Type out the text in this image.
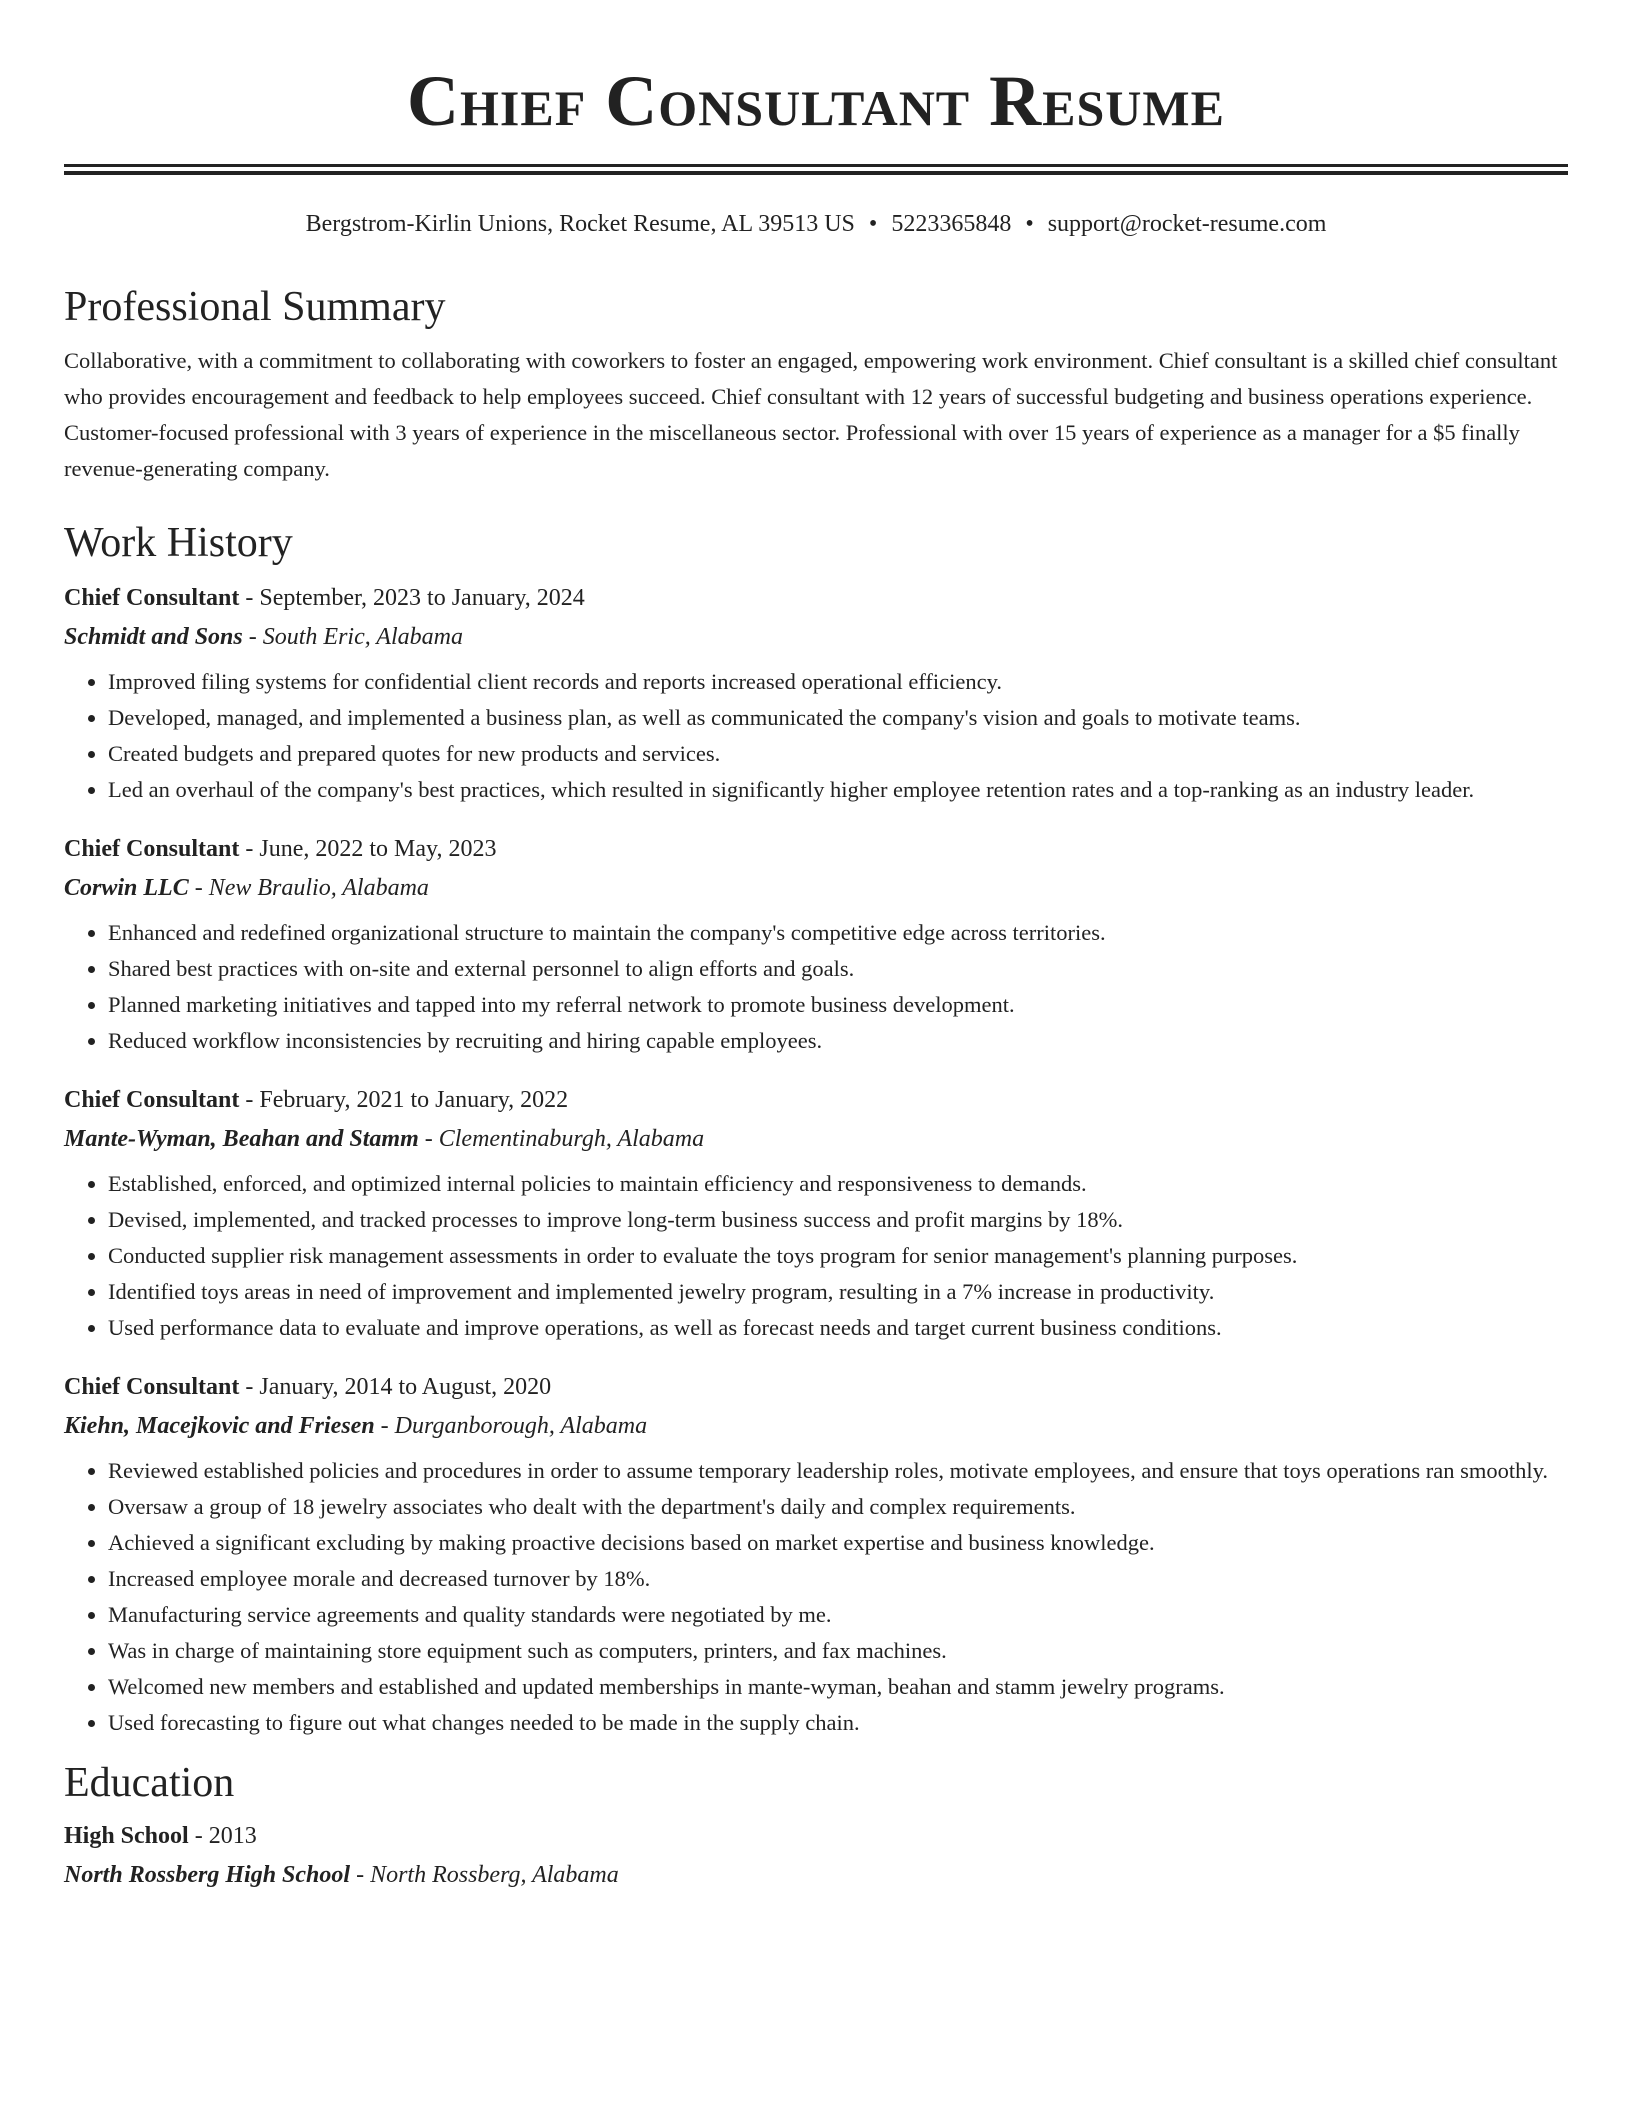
Chief Consultant Resume
Bergstrom-Kirlin Unions, Rocket Resume, AL 39513 US • 5223365848 • support@rocket-resume.com
Professional Summary

Collaborative, with a commitment to collaborating with coworkers to foster an engaged, empowering work environment. Chief consultant is a skilled chief consultant who provides encouragement and feedback to help employees succeed. Chief consultant with 12 years of successful budgeting and business operations experience. Customer-focused professional with 3 years of experience in the miscellaneous sector. Professional with over 15 years of experience as a manager for a $5 finally revenue-generating company.

Work History
Chief Consultant - September, 2023 to January, 2024
Schmidt and Sons - South Eric, Alabama
• Improved filing systems for confidential client records and reports increased operational efficiency.
• Developed, managed, and implemented a business plan, as well as communicated the company's vision and goals to motivate teams.
• Created budgets and prepared quotes for new products and services.
• Led an overhaul of the company's best practices, which resulted in significantly higher employee retention rates and a top-ranking as an industry leader.
Chief Consultant - June, 2022 to May, 2023
Corwin LLC - New Braulio, Alabama
• Enhanced and redefined organizational structure to maintain the company's competitive edge across territories.
• Shared best practices with on-site and external personnel to align efforts and goals.
• Planned marketing initiatives and tapped into my referral network to promote business development.
• Reduced workflow inconsistencies by recruiting and hiring capable employees.
Chief Consultant - February, 2021 to January, 2022
Mante-Wyman, Beahan and Stamm - Clementinaburgh, Alabama
• Established, enforced, and optimized internal policies to maintain efficiency and responsiveness to demands.
• Devised, implemented, and tracked processes to improve long-term business success and profit margins by 18%.
• Conducted supplier risk management assessments in order to evaluate the toys program for senior management's planning purposes.
• Identified toys areas in need of improvement and implemented jewelry program, resulting in a 7% increase in productivity.
• Used performance data to evaluate and improve operations, as well as forecast needs and target current business conditions.
Chief Consultant - January, 2014 to August, 2020
Kiehn, Macejkovic and Friesen - Durganborough, Alabama
• Reviewed established policies and procedures in order to assume temporary leadership roles, motivate employees, and ensure that toys operations ran smoothly.
• Oversaw a group of 18 jewelry associates who dealt with the department's daily and complex requirements.
• Achieved a significant excluding by making proactive decisions based on market expertise and business knowledge.
• Increased employee morale and decreased turnover by 18%.
• Manufacturing service agreements and quality standards were negotiated by me.
• Was in charge of maintaining store equipment such as computers, printers, and fax machines.
• Welcomed new members and established and updated memberships in mante-wyman, beahan and stamm jewelry programs.
• Used forecasting to figure out what changes needed to be made in the supply chain.
Education
High School - 2013
North Rossberg High School - North Rossberg, Alabama
